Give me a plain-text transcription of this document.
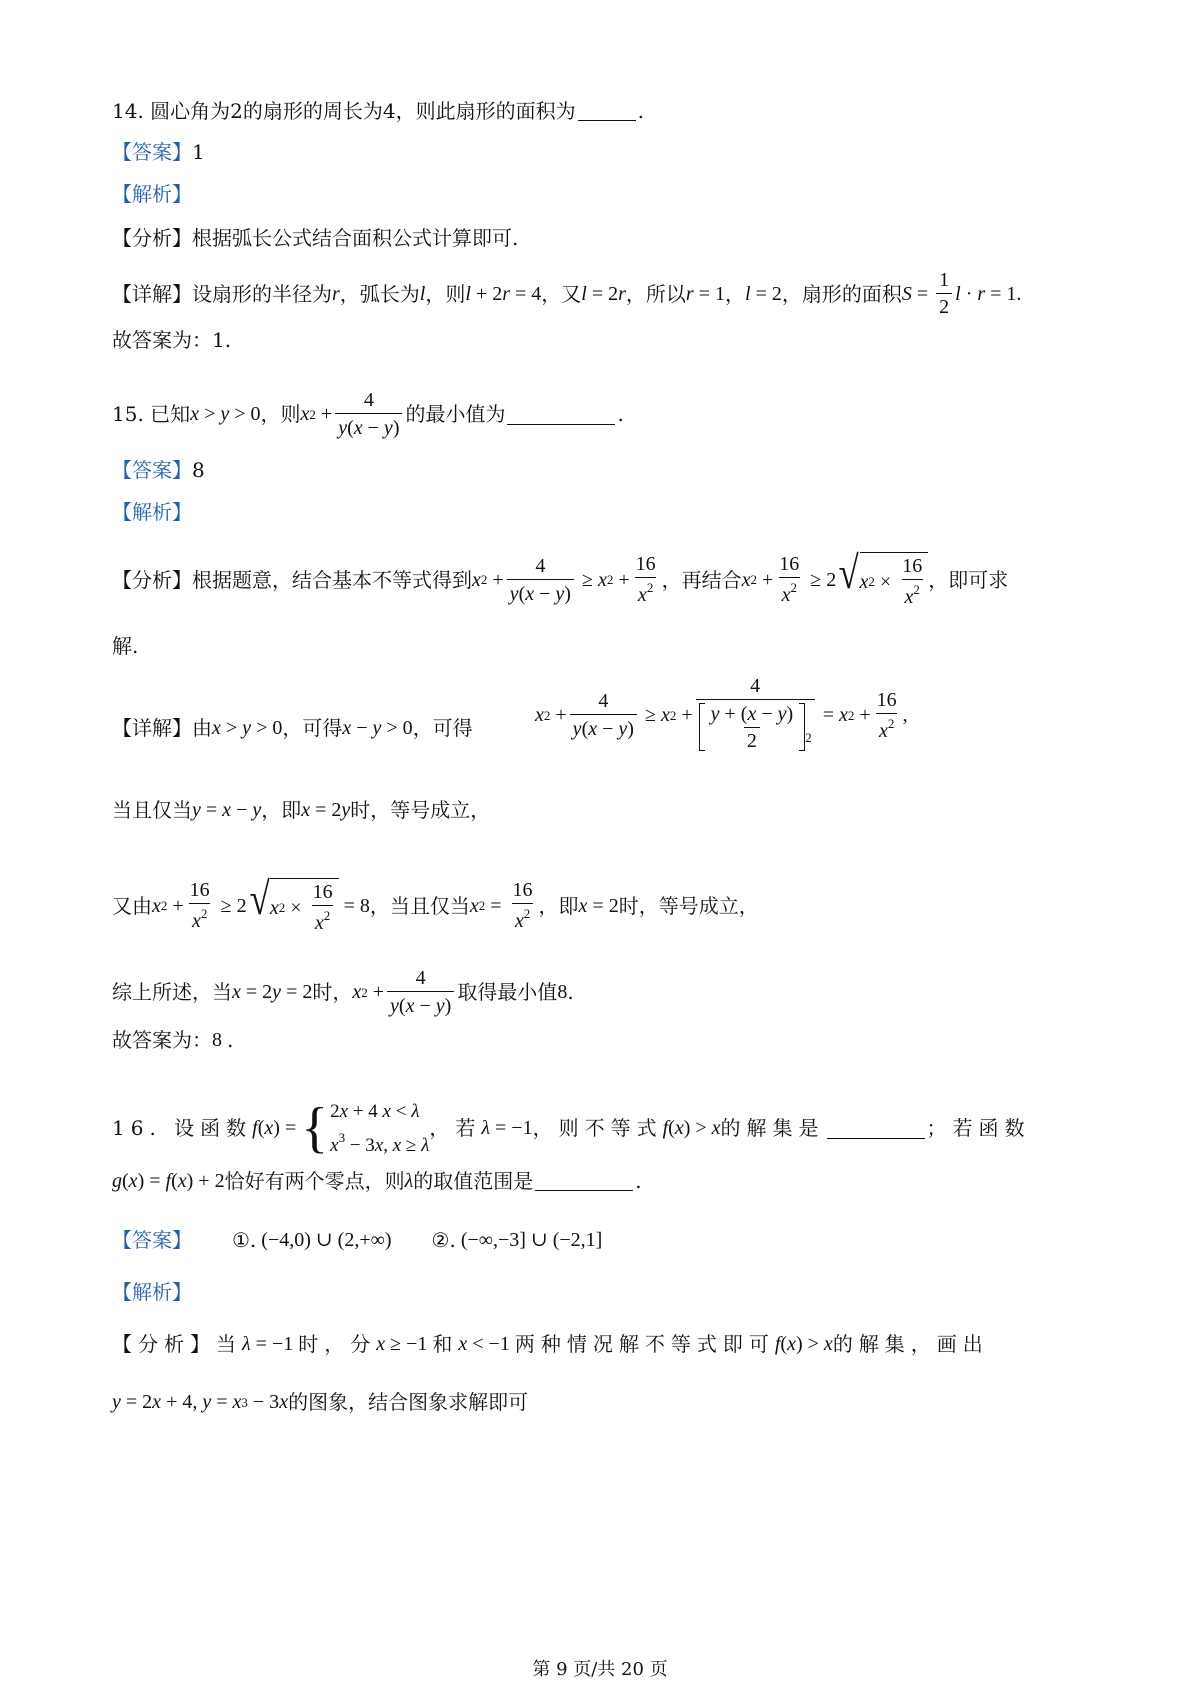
14. 圆心角为2的扇形的周长为4，则此扇形的面积为	.
【答案】 1
【解析】
【分析】 根据弧长公式结合面积公式计算即可.
【详解】 设扇形的半径为 r ，弧长为 l ，则 l + 2 r = 4 ，又 l = 2 r ，所以 r = 1 ， l = 2 ，扇形的面积 $S = \frac{1}{2}$ l · r = 1.
故答案为：1.
15. 已知 x > y > 0 ，则 x $2 + \frac{4}{y(x - y)}$ 的最小值为	.
【答案】 8
【解析】
【分析】 根据题意，结合基本不等式得到 x $2 + \frac{4}{y(x - y)} \ge x$ $2 + \frac{16}{x^2}$ ，再结合 x $2 + \frac{16}{x^2} \ge 2$ √ x $2 \times \frac{16}{x^2}$ ，即可求
解.
【详解】 由 x > y > 0 ，可得 x − y > 0 ，可得
x $2 + \frac{4}{y(x - y)} \ge x$ $2 + \frac{4}{\frac{y + (x - y)}{2} ^2} = x$ $2 + \frac{16}{x^2}$ ,
当且仅当 y = x − y ，即 x = 2 y 时，等号成立，
又由 x $2 + \frac{16}{x^2} \ge 2$ √ x $2 \times \frac{16}{x^2} = 8$ ，当且仅当 x $2 = \frac{16}{x^2}$ ，即 x = 2 时，等号成立，
综上所述，当 x = 2 y = 2 时， x $2 + \frac{4}{y(x - y)}$ 取得最小值 8 .
故答案为： 8
.
16. 设函数 f ( x ) = { 2x + 4 x < λ
$x^3 - 3x$, x ≥ λ
，若 λ = −1 ，则不等式 f ( x ) > x 的解集是	；若函数
g ( x ) = f ( x ) + 2 恰好有两个零点，则 λ 的取值范围是	.
【答案】 ①. (−4,0) ∪ (2,+∞) ②. (−∞,−3] ∪ (−2,1]
【解析】
【分析】 当 λ = −1 时，分 x ≥ −1 和 x < −1 两种情况解不等式即可 f ( x ) > x 的解集，画出
y = 2 x + 4, y = x 3 − 3 x 的图象，结合图象求解即可
第 9 页/共 20 页
